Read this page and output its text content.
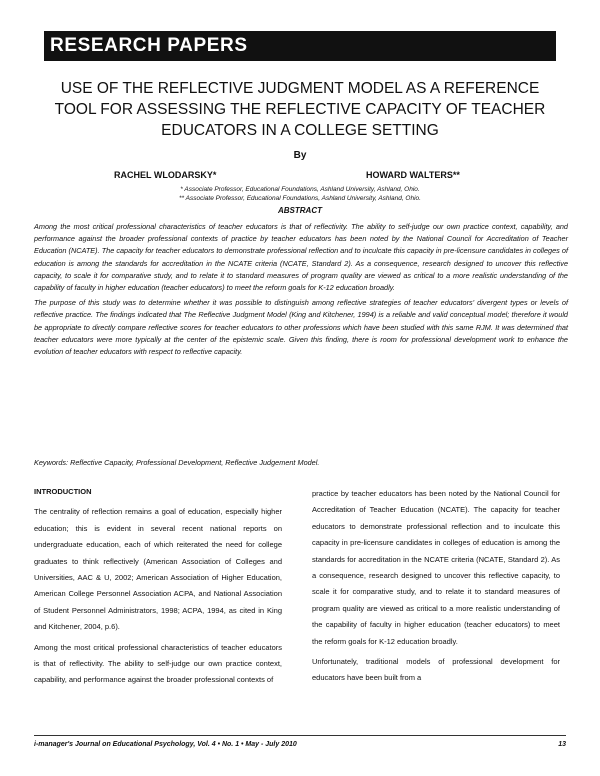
RESEARCH PAPERS
USE OF THE REFLECTIVE JUDGMENT MODEL AS A REFERENCE TOOL FOR ASSESSING THE REFLECTIVE CAPACITY OF TEACHER EDUCATORS IN A COLLEGE SETTING
By
RACHEL WLODARSKY*	HOWARD WALTERS**
* Associate Professor, Educational Foundations, Ashland University, Ashland, Ohio.
** Associate Professor, Educational Foundations, Ashland University, Ashland, Ohio.
ABSTRACT

Among the most critical professional characteristics of teacher educators is that of reflectivity. The ability to self-judge our own practice context, capability, and performance against the broader professional contexts of practice by teacher educators has been noted by the National Council for Accreditation of Teacher Education (NCATE). The capacity for teacher educators to demonstrate professional reflection and to inculcate this capacity in pre-licensure candidates in colleges of education is among the standards for accreditation in the NCATE criteria (NCATE, Standard 2). As a consequence, research designed to uncover this reflective capacity, to scale it for comparative study, and to relate it to standard measures of program quality are viewed as critical to a more realistic understanding of the capability of faculty in higher education (teacher educators) to meet the reform goals for K-12 education broadly.

The purpose of this study was to determine whether it was possible to distinguish among reflective strategies of teacher educators' divergent types or levels of reflective practice. The findings indicated that The Reflective Judgment Model (King and Kitchener, 1994) is a reliable and valid conceptual model; therefore it would be appropriate to directly compare reflective scores for teacher educators to other professions which have been studied with this same RJM. It was determined that teacher educators were more typically at the center of the epistemic scale. Given this finding, there is room for professional development work to enhance the evolution of teacher educators with respect to reflective capacity.

Keywords: Reflective Capacity, Professional Development, Reflective Judgement Model.
INTRODUCTION

The centrality of reflection remains a goal of education, especially higher education; this is evident in several recent national reports on undergraduate education, each of which reiterated the need for college graduates to think reflectively (American Association of Colleges and Universities, AAC & U, 2002; American Association of Higher Education, American College Personnel Association ACPA, and National Association of Student Personnel Administrators, 1998; ACPA, 1994, as cited in King and Kitchener, 2004, p.6).

Among the most critical professional characteristics of teacher educators is that of reflectivity. The ability to self-judge our own practice context, capability, and performance against the broader professional contexts of

practice by teacher educators has been noted by the National Council for Accreditation of Teacher Education (NCATE). The capacity for teacher educators to demonstrate professional reflection and to inculcate this capacity in pre-licensure candidates in colleges of education is among the standards for accreditation in the NCATE criteria (NCATE, Standard 2). As a consequence, research designed to uncover this reflective capacity, to scale it for comparative study, and to relate it to standard measures of program quality are viewed as critical to a more realistic understanding of the capability of faculty in higher education (teacher educators) to meet the reform goals for K-12 education broadly.

Unfortunately, traditional models of professional development for educators have been built from a

i-manager's Journal on Educational Psychology, Vol. 4 • No. 1 • May - July 2010	13
